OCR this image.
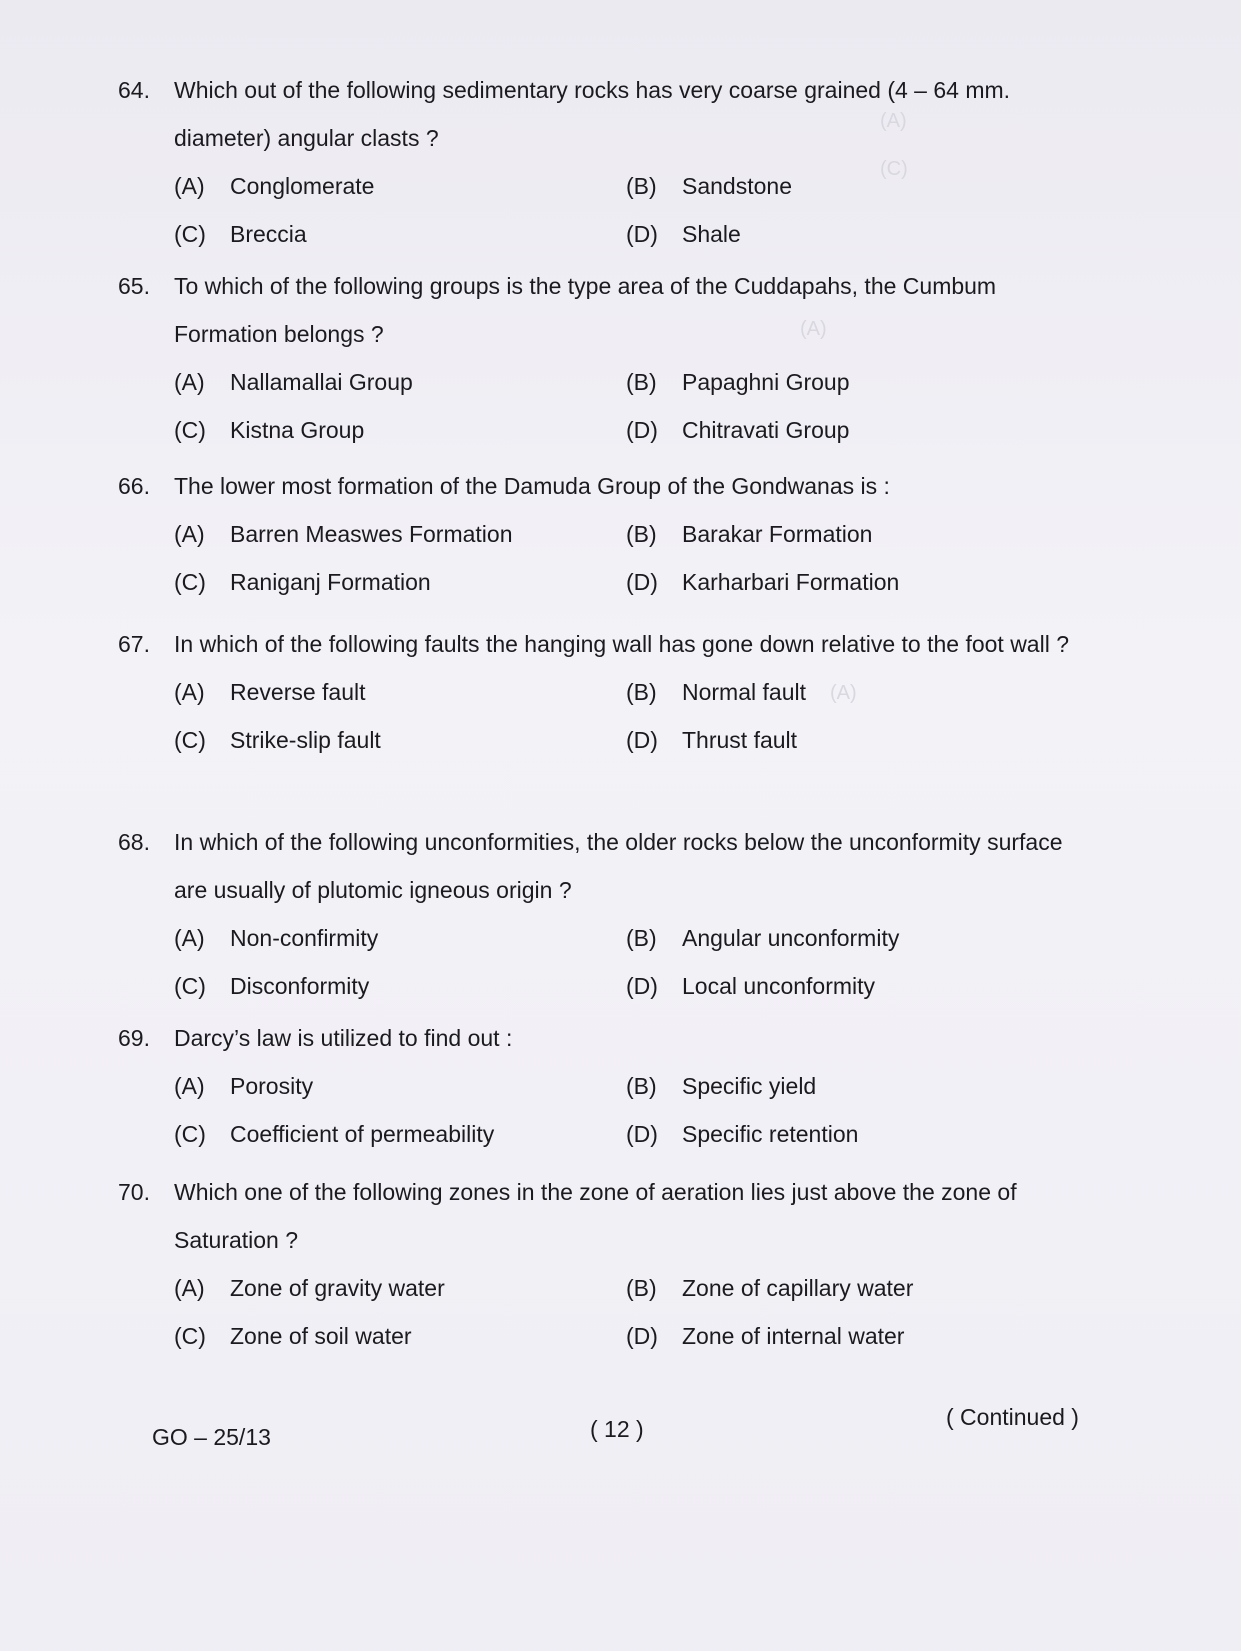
(A)
(C)
(A)
(A)
64.	Which out of the following sedimentary rocks has very coarse grained (4 – 64 mm. diameter) angular clasts ?
(A)	Conglomerate	(B)	Sandstone
(C)	Breccia	(D)	Shale
65.	To which of the following groups is the type area of the Cuddapahs, the Cumbum Formation belongs ?
(A)	Nallamallai Group	(B)	Papaghni Group
(C)	Kistna Group	(D)	Chitravati Group
66.	The lower most formation of the Damuda Group of the Gondwanas is :
(A)	Barren Measwes Formation	(B)	Barakar Formation
(C)	Raniganj Formation	(D)	Karharbari Formation
67.	In which of the following faults the hanging wall has gone down relative to the foot wall ?
(A)	Reverse fault	(B)	Normal fault
(C)	Strike-slip fault	(D)	Thrust fault
68.	In which of the following unconformities, the older rocks below the unconformity surface are usually of plutomic igneous origin ?
(A)	Non-confirmity	(B)	Angular unconformity
(C)	Disconformity	(D)	Local unconformity
69.	Darcy’s law is utilized to find out :
(A)	Porosity	(B)	Specific yield
(C)	Coefficient of permeability	(D)	Specific retention
70.	Which one of the following zones in the zone of aeration lies just above the zone of Saturation ?
(A)	Zone of gravity water	(B)	Zone of capillary water
(C)	Zone of soil water	(D)	Zone of internal water
GO – 25/13	( 12 )	( Continued )
